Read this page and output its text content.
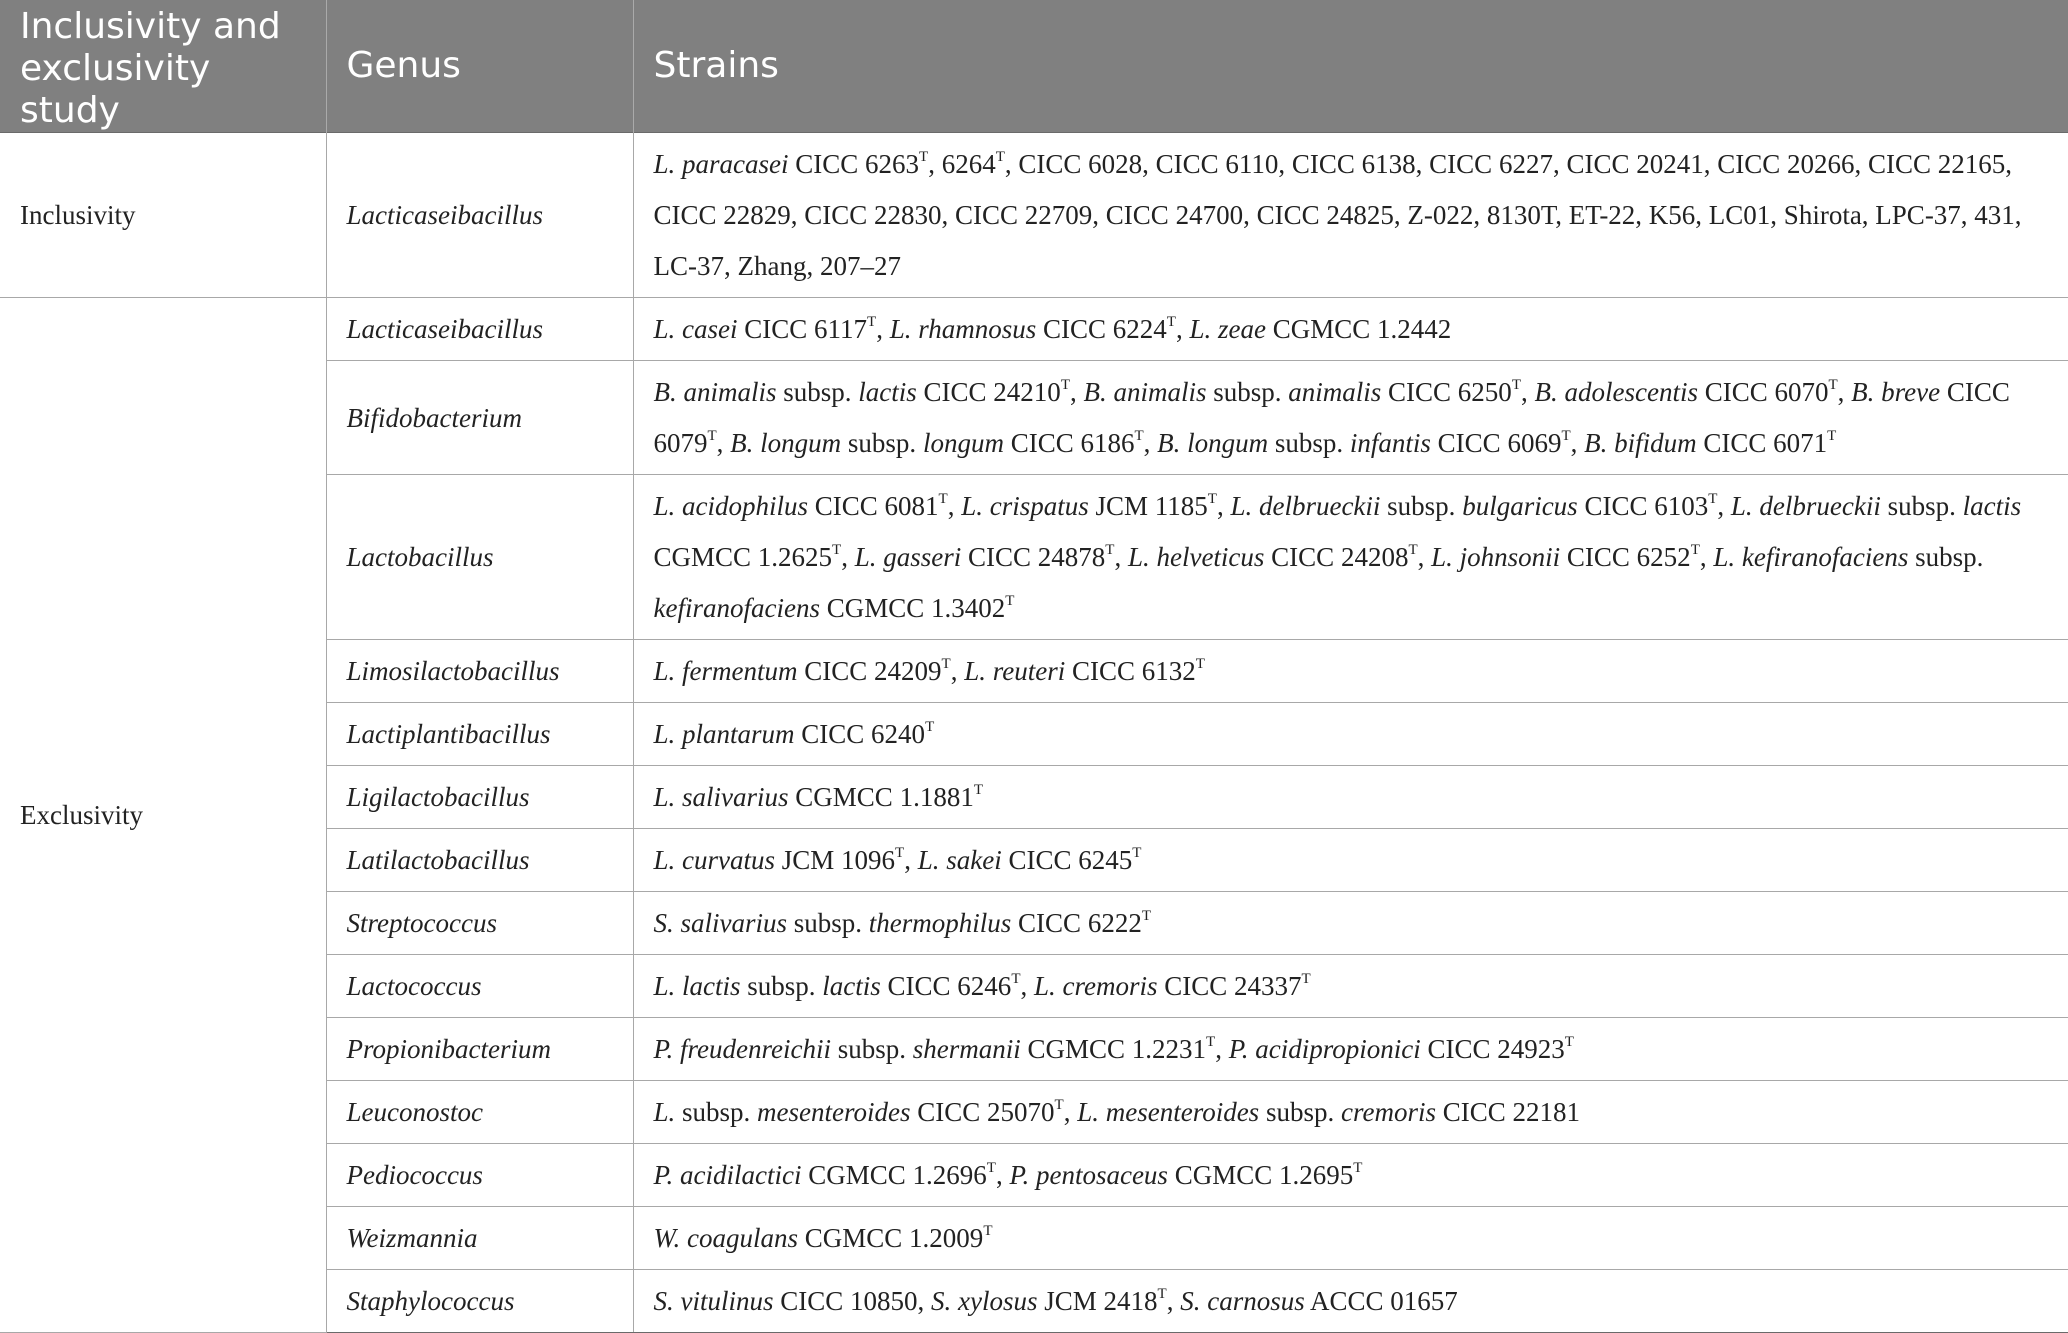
Inclusivity and exclusivity study	Genus	Strains
Inclusivity	Lacticaseibacillus	L. paracasei CICC $6263^T$, $6264^T$, CICC 6028, CICC 6110, CICC 6138, CICC 6227, CICC 20241, CICC 20266, CICC 22165, CICC 22829, CICC 22830, CICC 22709, CICC 24700, CICC 24825, Z-022, 8130T, ET-22, K56, LC01, Shirota, LPC-37, 431, LC-37, Zhang, 207–27
Exclusivity	Lacticaseibacillus	L. casei CICC $6117^T$, L. rhamnosus CICC $6224^T$, L. zeae CGMCC 1.2442
	Bifidobacterium	B. animalis subsp. lactis CICC $24210^T$, B. animalis subsp. animalis CICC $6250^T$, B. adolescentis CICC $6070^T$, B. breve CICC $6079^T$, B. longum subsp. longum CICC $6186^T$, B. longum subsp. infantis CICC $6069^T$, B. bifidum CICC $6071^T$
	Lactobacillus	L. acidophilus CICC $6081^T$, L. crispatus JCM $1185^T$, L. delbrueckii subsp. bulgaricus CICC $6103^T$, L. delbrueckii subsp. lactis CGMCC $1.2625^T$, L. gasseri CICC $24878^T$, L. helveticus CICC $24208^T$, L. johnsonii CICC $6252^T$, L. kefiranofaciens subsp. kefiranofaciens CGMCC $1.3402^T$
	Limosilactobacillus	L. fermentum CICC $24209^T$, L. reuteri CICC $6132^T$
	Lactiplantibacillus	L. plantarum CICC $6240^T$
	Ligilactobacillus	L. salivarius CGMCC $1.1881^T$
	Latilactobacillus	L. curvatus JCM $1096^T$, L. sakei CICC $6245^T$
	Streptococcus	S. salivarius subsp. thermophilus CICC $6222^T$
	Lactococcus	L. lactis subsp. lactis CICC $6246^T$, L. cremoris CICC $24337^T$
	Propionibacterium	P. freudenreichii subsp. shermanii CGMCC $1.2231^T$, P. acidipropionici CICC $24923^T$
	Leuconostoc	L. subsp. mesenteroides CICC $25070^T$, L. mesenteroides subsp. cremoris CICC 22181
	Pediococcus	P. acidilactici CGMCC $1.2696^T$, P. pentosaceus CGMCC $1.2695^T$
	Weizmannia	W. coagulans CGMCC $1.2009^T$
	Staphylococcus	S. vitulinus CICC 10850, S. xylosus JCM $2418^T$, S. carnosus ACCC 01657
